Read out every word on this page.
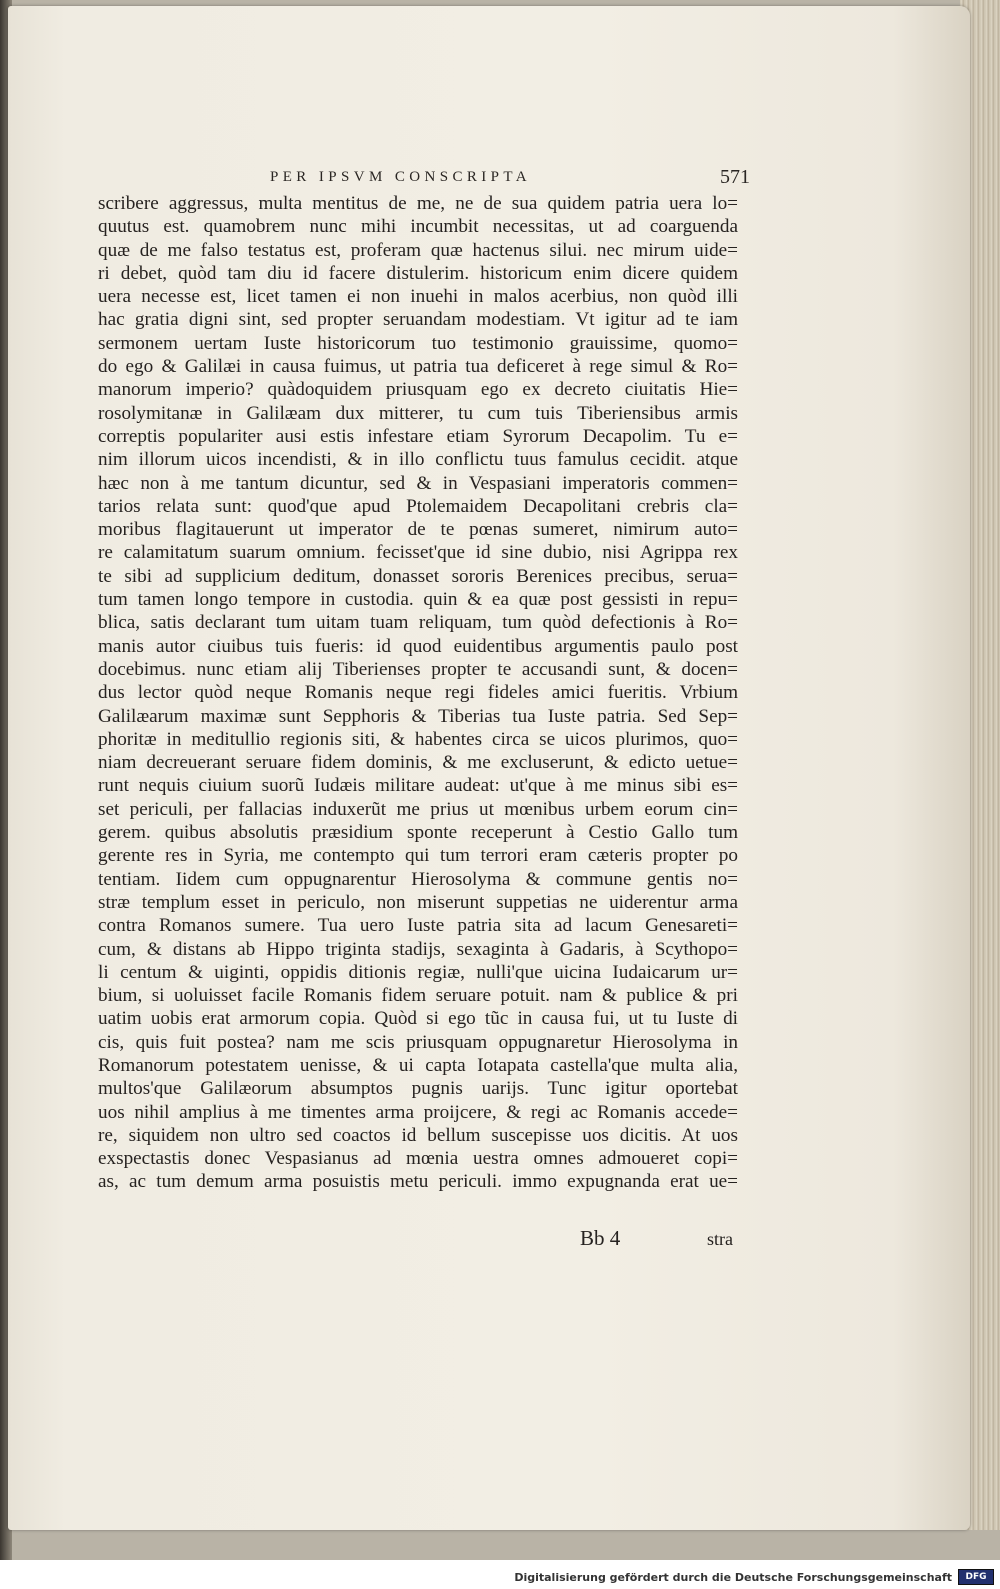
PER IPSVM CONSCRIPTA	571
scribere aggressus, multa mentitus de me, ne de sua quidem patria uera lo=
quutus est. quamobrem nunc mihi incumbit necessitas, ut ad coarguenda
quæ de me falso testatus est, proferam quæ hactenus silui. nec mirum uide=
ri debet, quòd tam diu id facere distulerim. historicum enim dicere quidem
uera necesse est, licet tamen ei non inuehi in malos acerbius, non quòd illi
hac gratia digni sint, sed propter seruandam modestiam. Vt igitur ad te iam
sermonem uertam Iuste historicorum tuo testimonio grauissime, quomo=
do ego & Galilæi in causa fuimus, ut patria tua deficeret à rege simul & Ro=
manorum imperio? quàdoquidem priusquam ego ex decreto ciuitatis Hie=
rosolymitanæ in Galilæam dux mitterer, tu cum tuis Tiberiensibus armis
correptis populariter ausi estis infestare etiam Syrorum Decapolim. Tu e=
nim illorum uicos incendisti, & in illo conflictu tuus famulus cecidit. atque
hæc non à me tantum dicuntur, sed & in Vespasiani imperatoris commen=
tarios relata sunt: quod'que apud Ptolemaidem Decapolitani crebris cla=
moribus flagitauerunt ut imperator de te pœnas sumeret, nimirum auto=
re calamitatum suarum omnium. fecisset'que id sine dubio, nisi Agrippa rex
te sibi ad supplicium deditum, donasset sororis Berenices precibus, serua=
tum tamen longo tempore in custodia. quin & ea quæ post gessisti in repu=
blica, satis declarant tum uitam tuam reliquam, tum quòd defectionis à Ro=
manis autor ciuibus tuis fueris: id quod euidentibus argumentis paulo post
docebimus. nunc etiam alij Tiberienses propter te accusandi sunt, & docen=
dus lector quòd neque Romanis neque regi fideles amici fueritis. Vrbium
Galilæarum maximæ sunt Sepphoris & Tiberias tua Iuste patria. Sed Sep=
phoritæ in meditullio regionis siti, & habentes circa se uicos plurimos, quo=
niam decreuerant seruare fidem dominis, & me excluserunt, & edicto uetue=
runt nequis ciuium suorũ Iudæis militare audeat: ut'que à me minus sibi es=
set periculi, per fallacias induxerũt me prius ut mœnibus urbem eorum cin=
gerem. quibus absolutis præsidium sponte receperunt à Cestio Gallo tum
gerente res in Syria, me contempto qui tum terrori eram cæteris propter po
tentiam. Iidem cum oppugnarentur Hierosolyma & commune gentis no=
stræ templum esset in periculo, non miserunt suppetias ne uiderentur arma
contra Romanos sumere. Tua uero Iuste patria sita ad lacum Genesareti=
cum, & distans ab Hippo triginta stadijs, sexaginta à Gadaris, à Scythopo=
li centum & uiginti, oppidis ditionis regiæ, nulli'que uicina Iudaicarum ur=
bium, si uoluisset facile Romanis fidem seruare potuit. nam & publice & pri
uatim uobis erat armorum copia. Quòd si ego tũc in causa fui, ut tu Iuste di
cis, quis fuit postea? nam me scis priusquam oppugnaretur Hierosolyma in
Romanorum potestatem uenisse, & ui capta Iotapata castella'que multa alia,
multos'que Galilæorum absumptos pugnis uarijs. Tunc igitur oportebat
uos nihil amplius à me timentes arma proijcere, & regi ac Romanis accede=
re, siquidem non ultro sed coactos id bellum suscepisse uos dicitis. At uos
exspectastis donec Vespasianus ad mœnia uestra omnes admoueret copi=
as, ac tum demum arma posuistis metu periculi. immo expugnanda erat ue=
Bb 4	stra
Digitalisierung gefördert durch die Deutsche Forschungsgemeinschaft	DFG
